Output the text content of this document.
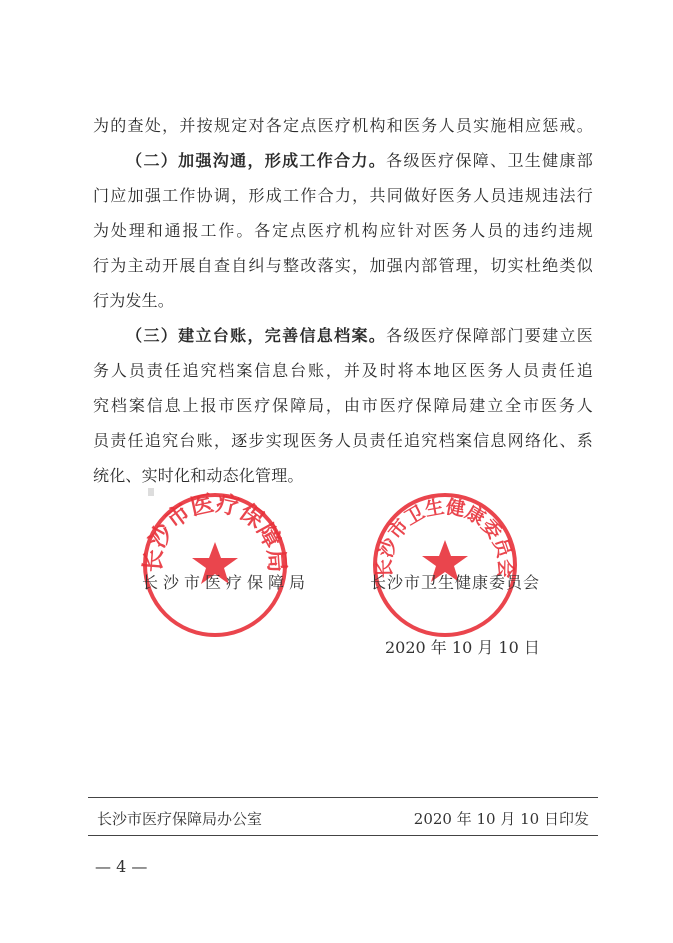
为的查处，并按规定对各定点医疗机构和医务人员实施相应惩戒。
（二）加强沟通，形成工作合力。各级医疗保障、卫生健康部
门应加强工作协调，形成工作合力，共同做好医务人员违规违法行
为处理和通报工作。各定点医疗机构应针对医务人员的违约违规
行为主动开展自查自纠与整改落实，加强内部管理，切实杜绝类似
行为发生。
（三）建立台账，完善信息档案。各级医疗保障部门要建立医
务人员责任追究档案信息台账，并及时将本地区医务人员责任追
究档案信息上报市医疗保障局，由市医疗保障局建立全市医务人
员责任追究台账，逐步实现医务人员责任追究档案信息网络化、系
统化、实时化和动态化管理。
长沙市医疗保障局	长沙市卫生健康委员会
长沙市医疗保障局	长沙市卫生健康委员会
2020 年 10 月 10 日
长沙市医疗保障局办公室	2020 年 10 月 10 日印发
— 4 —
